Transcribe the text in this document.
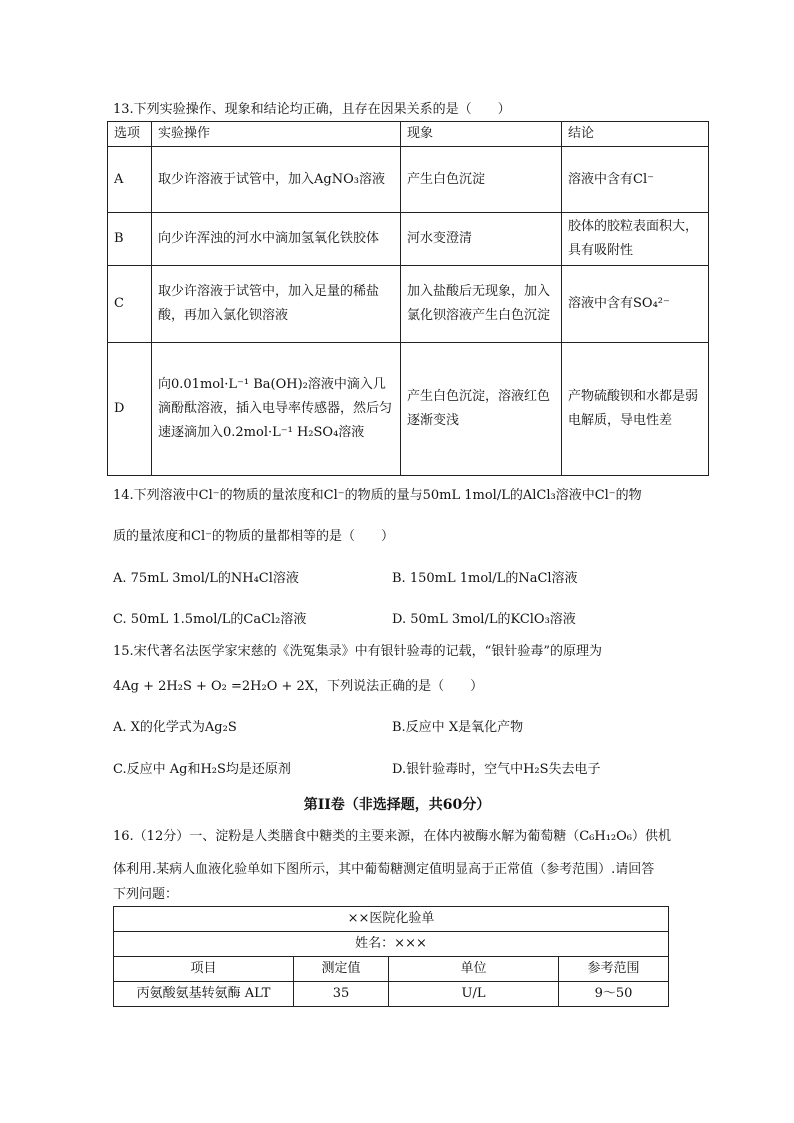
13.下列实验操作、现象和结论均正确，且存在因果关系的是（　　）
选项	实验操作	现象	结论
A	取少许溶液于试管中，加入AgNO₃溶液	产生白色沉淀	溶液中含有Cl⁻
B	向少许浑浊的河水中滴加氢氧化铁胶体	河水变澄清	胶体的胶粒表面积大，具有吸附性
C	取少许溶液于试管中，加入足量的稀盐酸，再加入氯化钡溶液	加入盐酸后无现象，加入氯化钡溶液产生白色沉淀	溶液中含有SO₄²⁻
D	向0.01mol·L⁻¹ Ba(OH)₂溶液中滴入几滴酚酞溶液，插入电导率传感器，然后匀速逐滴加入0.2mol·L⁻¹ H₂SO₄溶液	产生白色沉淀，溶液红色逐渐变浅	产物硫酸钡和水都是弱电解质，导电性差
14.下列溶液中Cl⁻的物质的量浓度和Cl⁻的物质的量与50mL 1mol/L的AlCl₃溶液中Cl⁻的物
质的量浓度和Cl⁻的物质的量都相等的是（　　）
A. 75mL 3mol/L的NH₄Cl溶液	B. 150mL 1mol/L的NaCl溶液
C. 50mL 1.5mol/L的CaCl₂溶液	D. 50mL 3mol/L的KClO₃溶液
15.宋代著名法医学家宋慈的《洗冤集录》中有银针验毒的记载，“银针验毒”的原理为
4Ag + 2H₂S + O₂ =2H₂O + 2X，下列说法正确的是（　　）
A. X的化学式为Ag₂S	B.反应中 X是氧化产物
C.反应中 Ag和H₂S均是还原剂	D.银针验毒时，空气中H₂S失去电子
第II卷（非选择题，共60分）
16.（12分）一、淀粉是人类膳食中糖类的主要来源，在体内被酶水解为葡萄糖（C₆H₁₂O₆）供机
体利用.某病人血液化验单如下图所示，其中葡萄糖测定值明显高于正常值（参考范围）.请回答
下列问题：
××医院化验单			
姓名：×××			
项目	测定值	单位	参考范围
丙氨酸氨基转氨酶 ALT	35	U/L	9～50
